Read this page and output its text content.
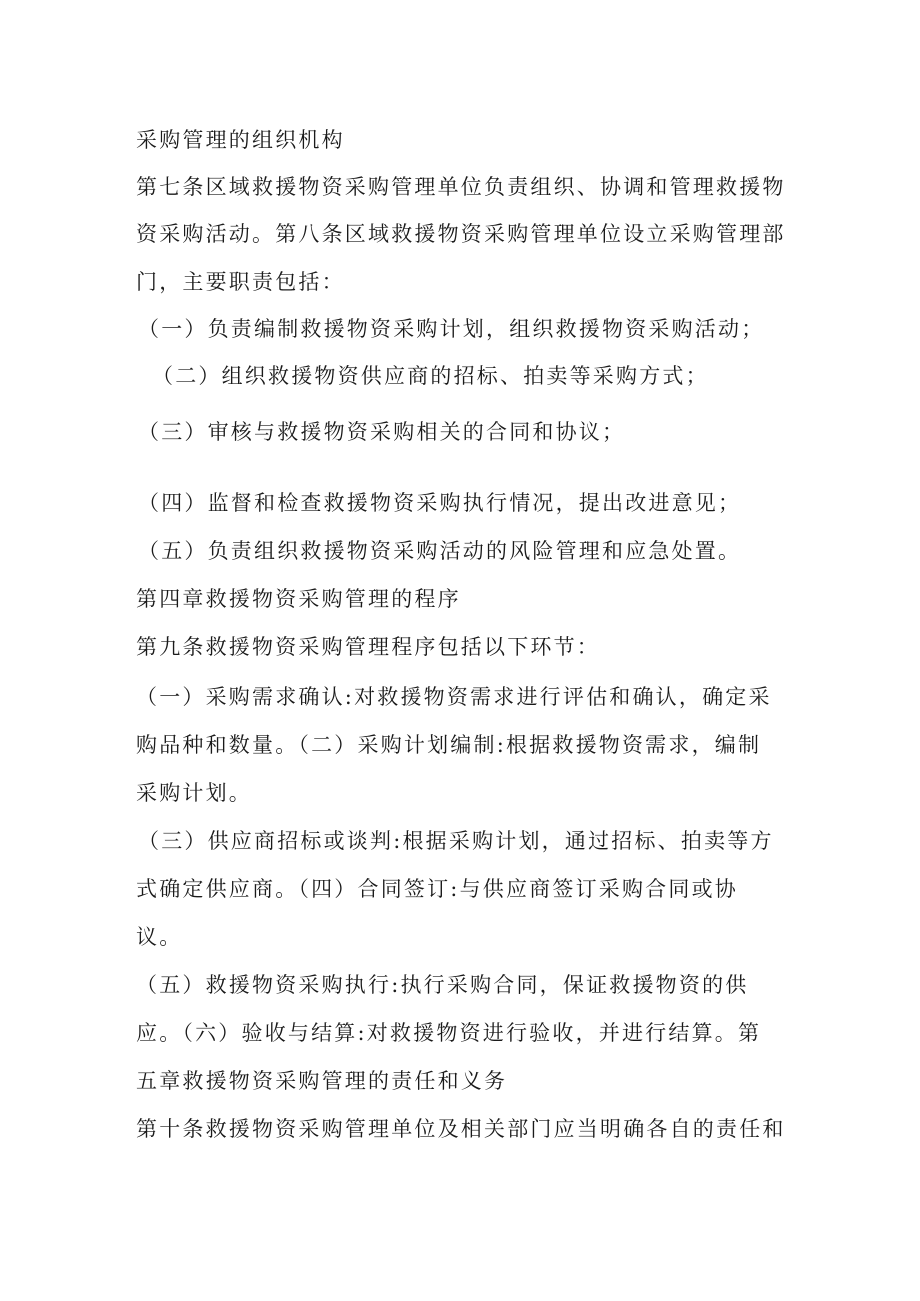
采购管理的组织机构
第七条区域救援物资采购管理单位负责组织、协调和管理救援物
资采购活动。第八条区域救援物资采购管理单位设立采购管理部
门，主要职责包括：
（一）负责编制救援物资采购计划，组织救援物资采购活动；
（二）组织救援物资供应商的招标、拍卖等采购方式；
（三）审核与救援物资采购相关的合同和协议；
（四）监督和检查救援物资采购执行情况，提出改进意见；
（五）负责组织救援物资采购活动的风险管理和应急处置。
第四章救援物资采购管理的程序
第九条救援物资采购管理程序包括以下环节：
（一）采购需求确认:对救援物资需求进行评估和确认，确定采
购品种和数量。（二）采购计划编制:根据救援物资需求，编制
采购计划。
（三）供应商招标或谈判:根据采购计划，通过招标、拍卖等方
式确定供应商。（四）合同签订:与供应商签订采购合同或协
议。
（五）救援物资采购执行:执行采购合同，保证救援物资的供
应。（六）验收与结算:对救援物资进行验收，并进行结算。第
五章救援物资采购管理的责任和义务
第十条救援物资采购管理单位及相关部门应当明确各自的责任和
